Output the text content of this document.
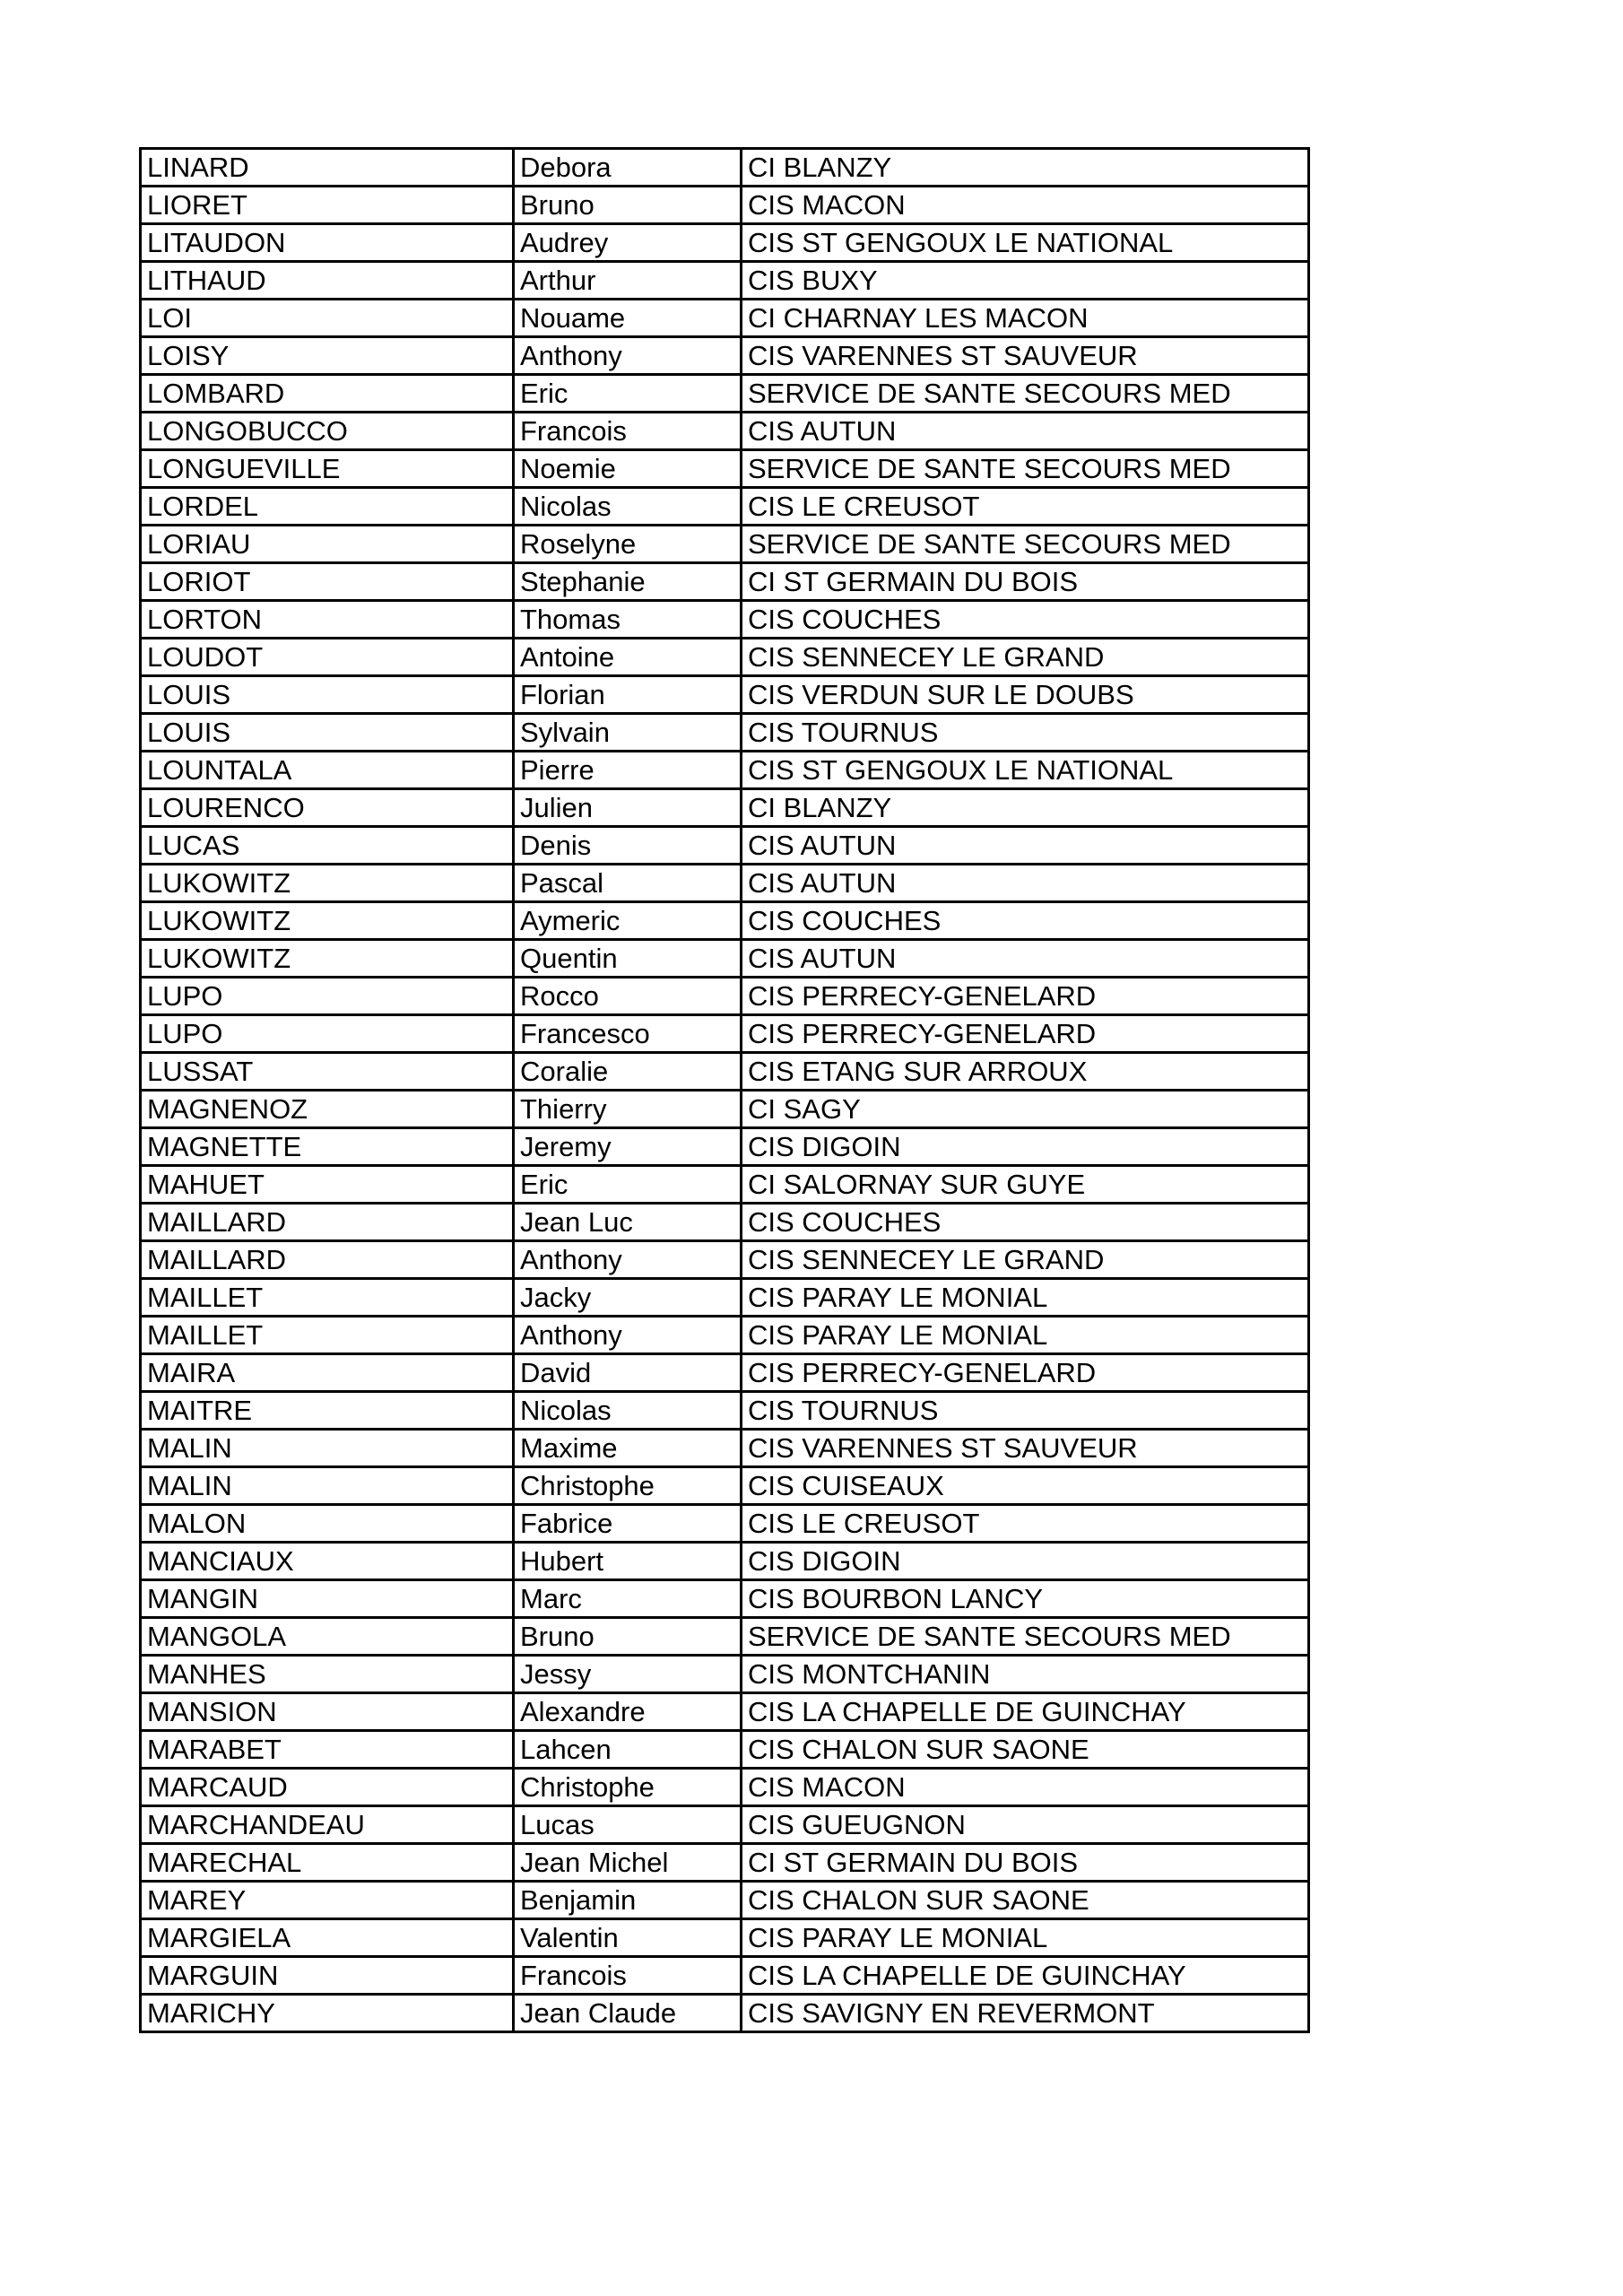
LINARD	Debora	CI BLANZY
LIORET	Bruno	CIS MACON
LITAUDON	Audrey	CIS ST GENGOUX LE NATIONAL
LITHAUD	Arthur	CIS BUXY
LOI	Nouame	CI CHARNAY LES MACON
LOISY	Anthony	CIS VARENNES ST SAUVEUR
LOMBARD	Eric	SERVICE DE SANTE SECOURS MED
LONGOBUCCO	Francois	CIS AUTUN
LONGUEVILLE	Noemie	SERVICE DE SANTE SECOURS MED
LORDEL	Nicolas	CIS LE CREUSOT
LORIAU	Roselyne	SERVICE DE SANTE SECOURS MED
LORIOT	Stephanie	CI ST GERMAIN DU BOIS
LORTON	Thomas	CIS COUCHES
LOUDOT	Antoine	CIS SENNECEY LE GRAND
LOUIS	Florian	CIS VERDUN SUR LE DOUBS
LOUIS	Sylvain	CIS TOURNUS
LOUNTALA	Pierre	CIS ST GENGOUX LE NATIONAL
LOURENCO	Julien	CI BLANZY
LUCAS	Denis	CIS AUTUN
LUKOWITZ	Pascal	CIS AUTUN
LUKOWITZ	Aymeric	CIS COUCHES
LUKOWITZ	Quentin	CIS AUTUN
LUPO	Rocco	CIS PERRECY-GENELARD
LUPO	Francesco	CIS PERRECY-GENELARD
LUSSAT	Coralie	CIS ETANG SUR ARROUX
MAGNENOZ	Thierry	CI SAGY
MAGNETTE	Jeremy	CIS DIGOIN
MAHUET	Eric	CI SALORNAY SUR GUYE
MAILLARD	Jean Luc	CIS COUCHES
MAILLARD	Anthony	CIS SENNECEY LE GRAND
MAILLET	Jacky	CIS PARAY LE MONIAL
MAILLET	Anthony	CIS PARAY LE MONIAL
MAIRA	David	CIS PERRECY-GENELARD
MAITRE	Nicolas	CIS TOURNUS
MALIN	Maxime	CIS VARENNES ST SAUVEUR
MALIN	Christophe	CIS CUISEAUX
MALON	Fabrice	CIS LE CREUSOT
MANCIAUX	Hubert	CIS DIGOIN
MANGIN	Marc	CIS BOURBON LANCY
MANGOLA	Bruno	SERVICE DE SANTE SECOURS MED
MANHES	Jessy	CIS MONTCHANIN
MANSION	Alexandre	CIS LA CHAPELLE DE GUINCHAY
MARABET	Lahcen	CIS CHALON SUR SAONE
MARCAUD	Christophe	CIS MACON
MARCHANDEAU	Lucas	CIS GUEUGNON
MARECHAL	Jean Michel	CI ST GERMAIN DU BOIS
MAREY	Benjamin	CIS CHALON SUR SAONE
MARGIELA	Valentin	CIS PARAY LE MONIAL
MARGUIN	Francois	CIS LA CHAPELLE DE GUINCHAY
MARICHY	Jean Claude	CIS SAVIGNY EN REVERMONT
